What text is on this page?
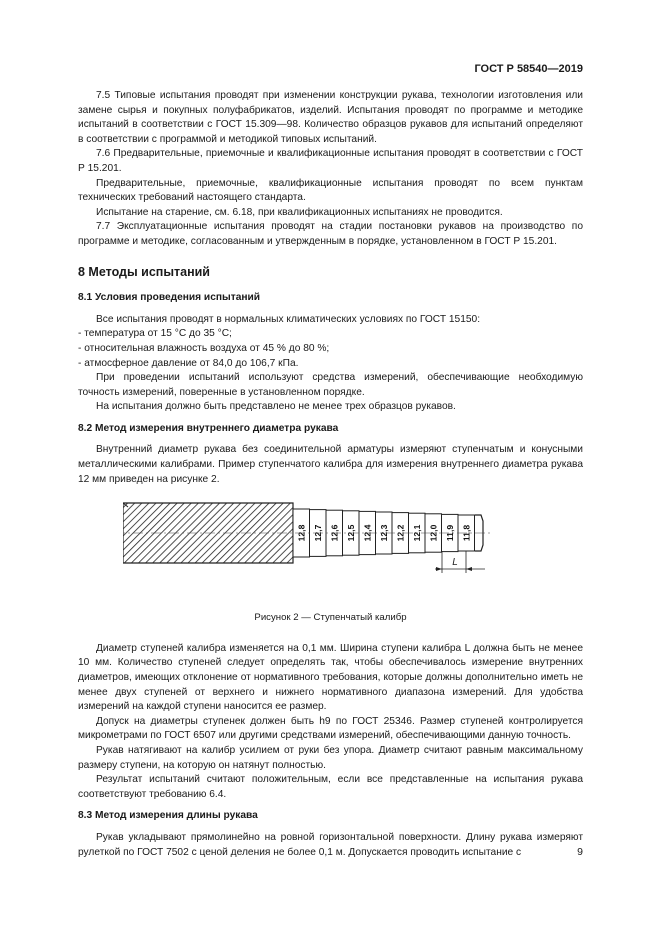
ГОСТ Р 58540—2019

7.5 Типовые испытания проводят при изменении конструкции рукава, технологии изготовления или замене сырья и покупных полуфабрикатов, изделий. Испытания проводят по программе и методике испытаний в соответствии с ГОСТ 15.309—98. Количество образцов рукавов для испытаний определяют в соответствии с программой и методикой типовых испытаний.

7.6 Предварительные, приемочные и квалификационные испытания проводят в соответствии с ГОСТ Р 15.201.

Предварительные, приемочные, квалификационные испытания проводят по всем пунктам технических требований настоящего стандарта.

Испытание на старение, см. 6.18, при квалификационных испытаниях не проводится.

7.7 Эксплуатационные испытания проводят на стадии постановки рукавов на производство по программе и методике, согласованным и утвержденным в порядке, установленном в ГОСТ Р 15.201.

8 Методы испытаний
8.1 Условия проведения испытаний

Все испытания проводят в нормальных климатических условиях по ГОСТ 15150:

- температура от 15 °С до 35 °С;

- относительная влажность воздуха от 45 % до 80 %;

- атмосферное давление от 84,0 до 106,7 кПа.

При проведении испытаний используют средства измерений, обеспечивающие необходимую точность измерений, поверенные в установленном порядке.

На испытания должно быть представлено не менее трех образцов рукавов.

8.2 Метод измерения внутреннего диаметра рукава

Внутренний диаметр рукава без соединительной арматуры измеряют ступенчатым и конусными металлическими калибрами. Пример ступенчатого калибра для измерения внутреннего диаметра рукава 12 мм приведен на рисунке 2.

12,8 12,7 12,6 12,5 12,4 12,3 12,2 12,1 12,0 11,9 11,8
L
Рисунок 2 — Ступенчатый калибр

Диаметр ступеней калибра изменяется на 0,1 мм. Ширина ступени калибра L должна быть не менее 10 мм. Количество ступеней следует определять так, чтобы обеспечивалось измерение внутренних диаметров, имеющих отклонение от нормативного требования, которые должны дополнительно иметь не менее двух ступеней от верхнего и нижнего нормативного диапазона измерений. Для удобства измерений на каждой ступени наносится ее размер.

Допуск на диаметры ступенек должен быть h9 по ГОСТ 25346. Размер ступеней контролируется микрометрами по ГОСТ 6507 или другими средствами измерений, обеспечивающими данную точность.

Рукав натягивают на калибр усилием от руки без упора. Диаметр считают равным максимальному размеру ступени, на которую он натянут полностью.

Результат испытаний считают положительным, если все представленные на испытания рукава соответствуют требованию 6.4.

8.3 Метод измерения длины рукава

Рукав укладывают прямолинейно на ровной горизонтальной поверхности. Длину рукава измеряют рулеткой по ГОСТ 7502 с ценой деления не более 0,1 м. Допускается проводить испытание с	9
